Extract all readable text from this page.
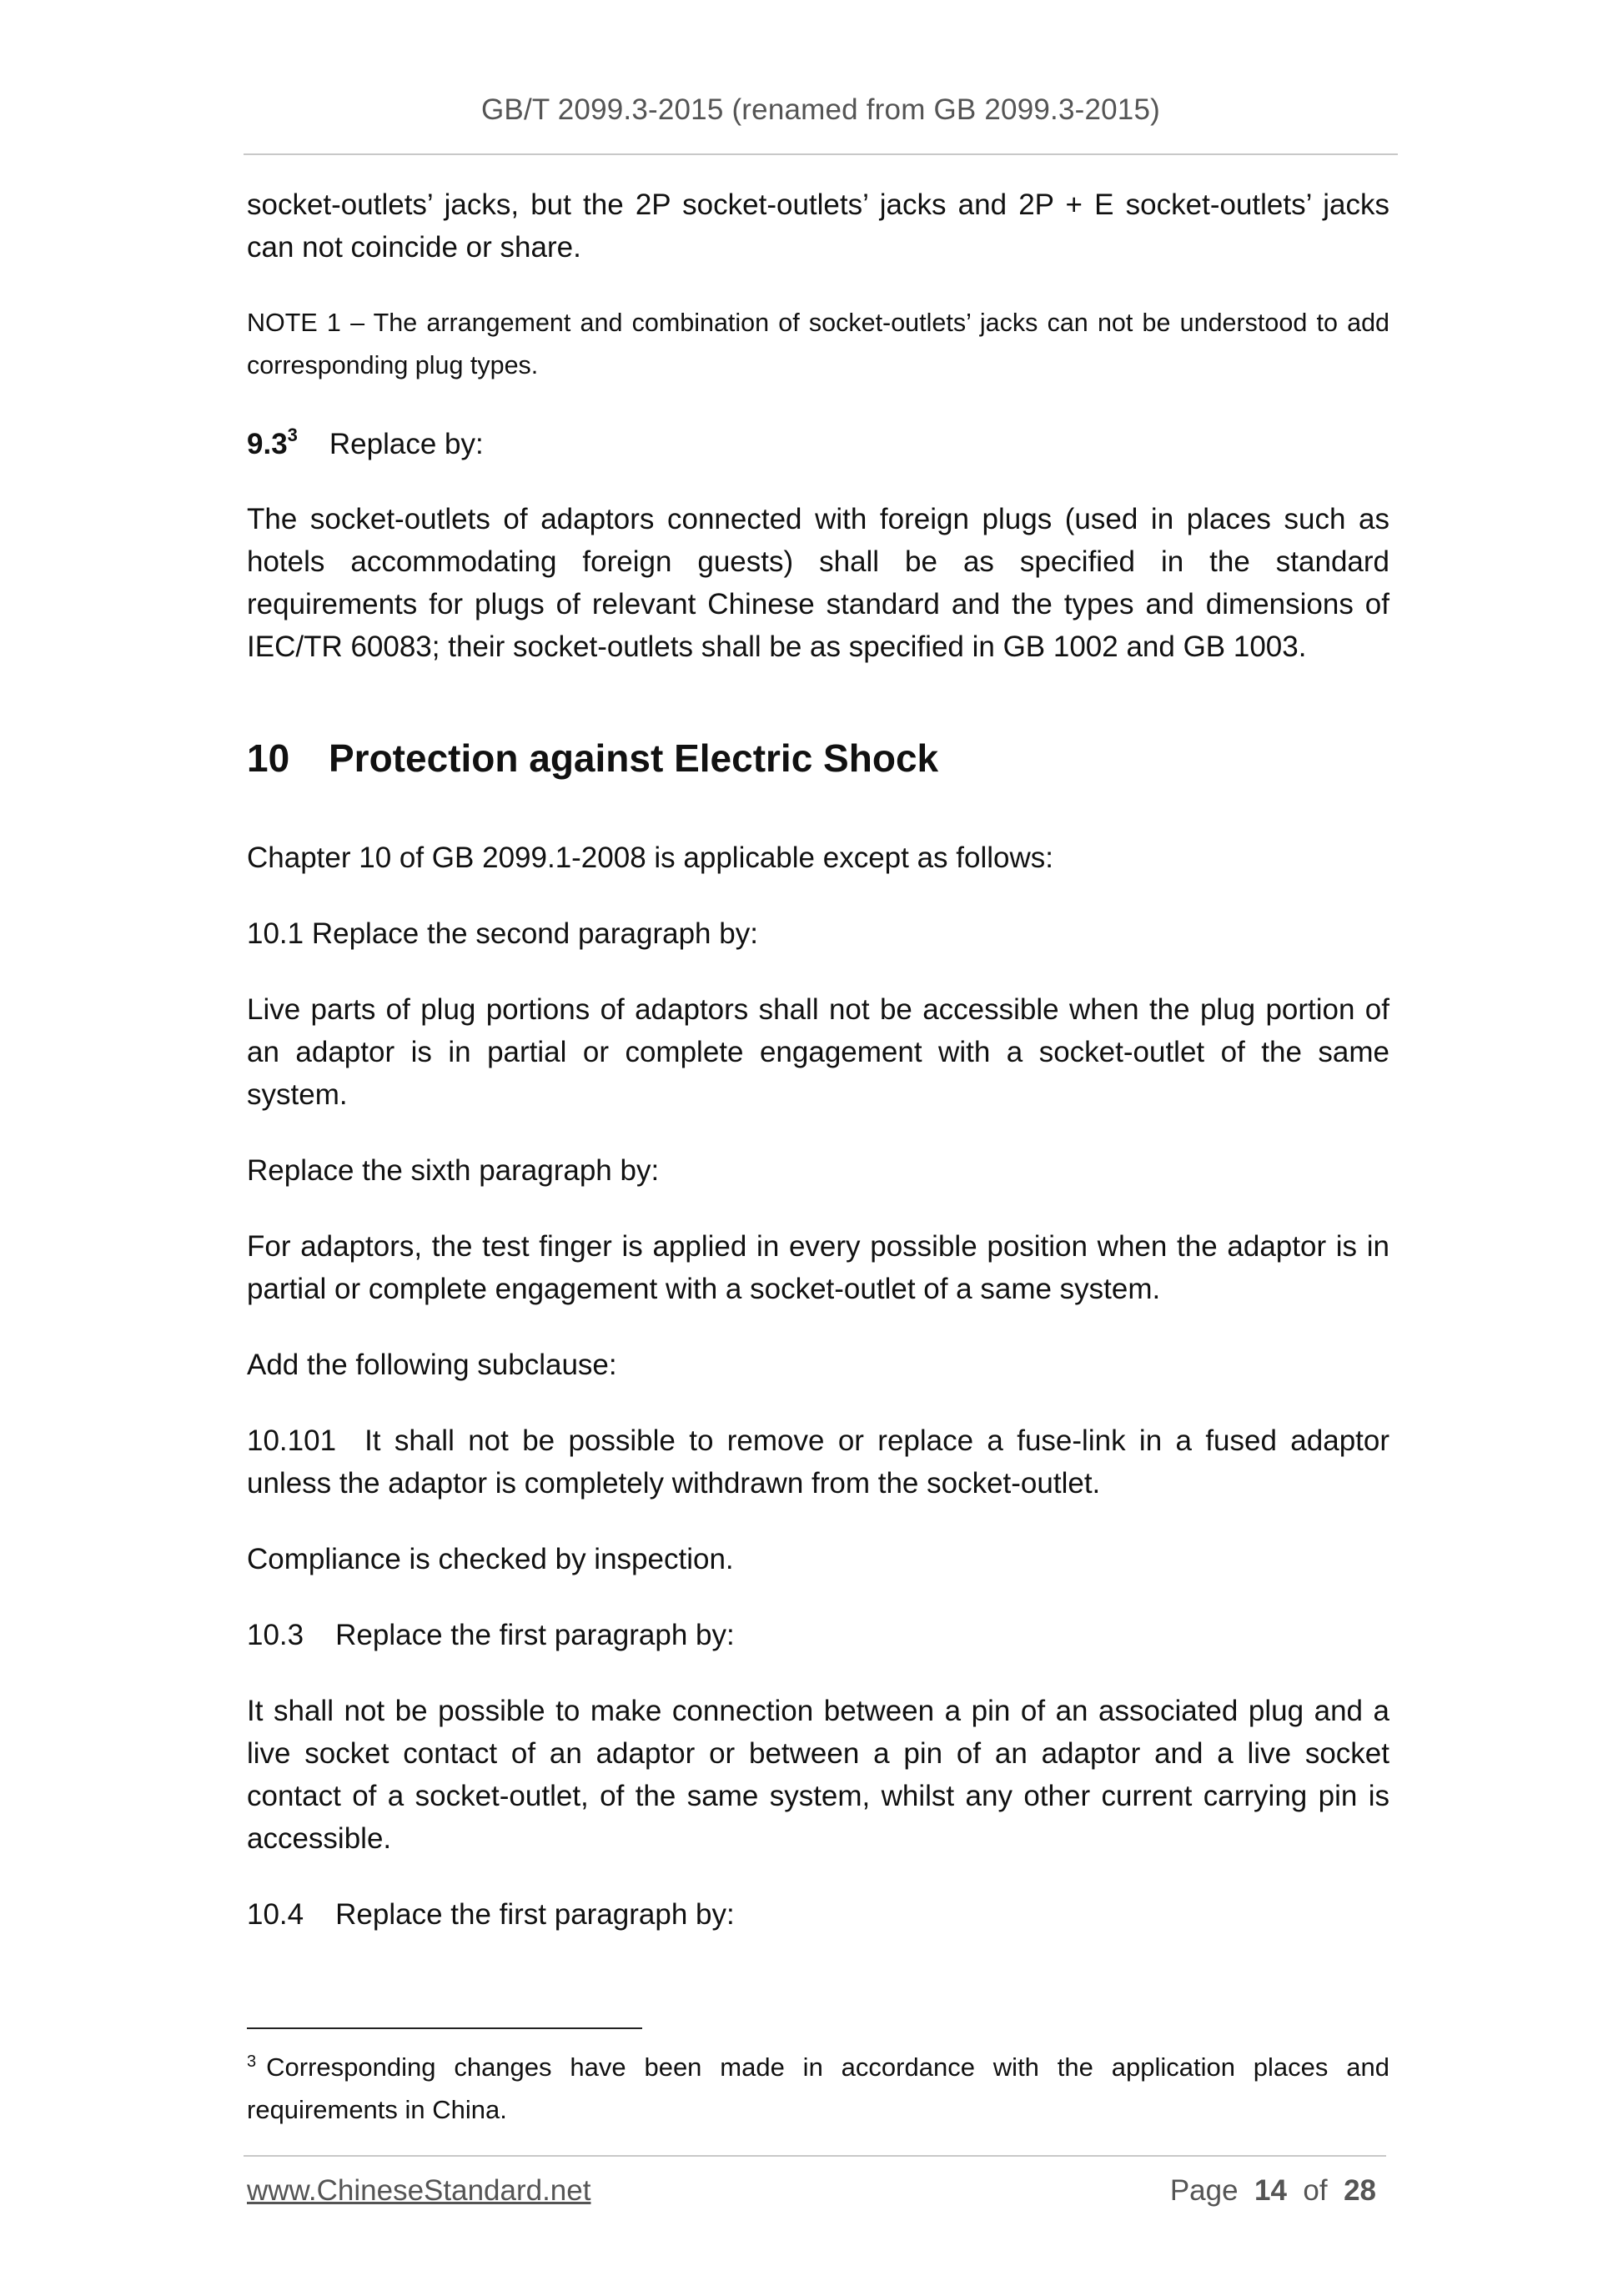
GB/T 2099.3-2015 (renamed from GB 2099.3-2015)
socket-outlets’ jacks, but the 2P socket-outlets’ jacks and 2P + E socket-outlets’ jacks can not coincide or share.
NOTE 1 – The arrangement and combination of socket-outlets’ jacks can not be understood to add corresponding plug types.
$9.3^3$ Replace by:
The socket-outlets of adaptors connected with foreign plugs (used in places such as hotels accommodating foreign guests) shall be as specified in the standard requirements for plugs of relevant Chinese standard and the types and dimensions of IEC/TR 60083; their socket-outlets shall be as specified in GB 1002 and GB 1003.
10 Protection against Electric Shock
Chapter 10 of GB 2099.1-2008 is applicable except as follows:
10.1 Replace the second paragraph by:
Live parts of plug portions of adaptors shall not be accessible when the plug portion of an adaptor is in partial or complete engagement with a socket-outlet of the same system.
Replace the sixth paragraph by:
For adaptors, the test finger is applied in every possible position when the adaptor is in partial or complete engagement with a socket-outlet of a same system.
Add the following subclause:
10.101 It shall not be possible to remove or replace a fuse-link in a fused adaptor unless the adaptor is completely withdrawn from the socket-outlet.
Compliance is checked by inspection.
10.3 Replace the first paragraph by:
It shall not be possible to make connection between a pin of an associated plug and a live socket contact of an adaptor or between a pin of an adaptor and a live socket contact of a socket-outlet, of the same system, whilst any other current carrying pin is accessible.
10.4 Replace the first paragraph by:
$^3$ Corresponding changes have been made in accordance with the application places and requirements in China.
www.ChineseStandard.net	Page 14 of 28
